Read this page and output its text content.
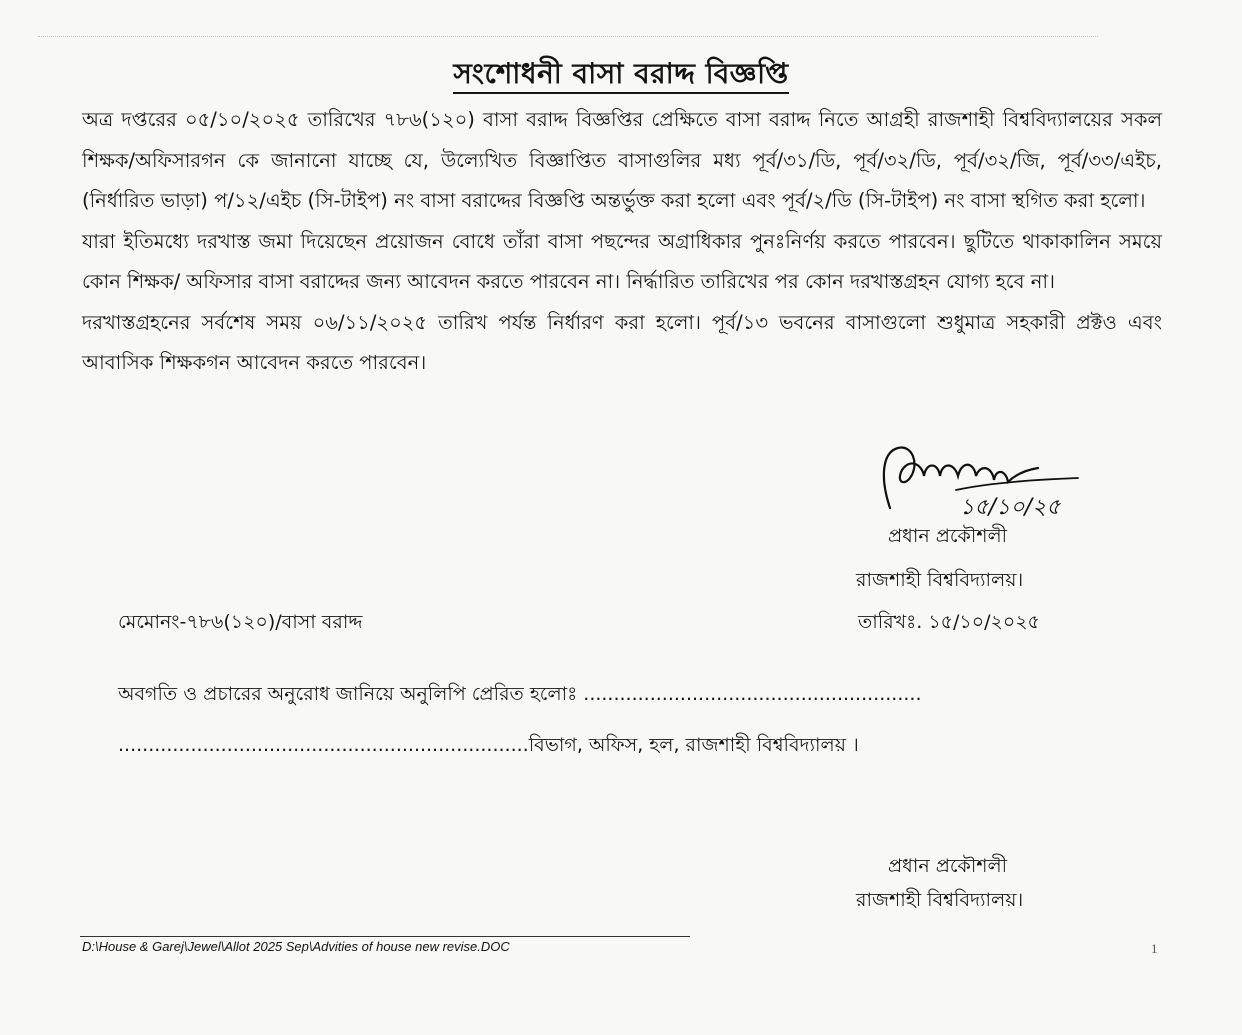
সংশোধনী বাসা বরাদ্দ বিজ্ঞপ্তি

অত্র দপ্তরের ০৫/১০/২০২৫ তারিখের ৭৮৬(১২০) বাসা বরাদ্দ বিজ্ঞপ্তির প্রেক্ষিতে বাসা বরাদ্দ নিতে আগ্রহী রাজশাহী বিশ্ববিদ্যালয়ের সকল শিক্ষক/অফিসারগন কে জানানো যাচ্ছে যে, উল্যেখিত বিজ্ঞাপ্তিত বাসাগুলির মধ্য পূর্ব/৩১/ডি, পূর্ব/৩২/ডি, পূর্ব/৩২/জি, পূর্ব/৩৩/এইচ, (নির্ধারিত ভাড়া) প/১২/এইচ (সি-টাইপ) নং বাসা বরাদ্দের বিজ্ঞপ্তি অন্তর্ভুক্ত করা হলো এবং পূর্ব/২/ডি (সি-টাইপ) নং বাসা স্থগিত করা হলো।

যারা ইতিমধ্যে দরখাস্ত জমা দিয়েছেন প্রয়োজন বোধে তাঁরা বাসা পছন্দের অগ্রাধিকার পুনঃনির্ণয় করতে পারবেন। ছুটিতে থাকাকালিন সময়ে কোন শিক্ষক/ অফিসার বাসা বরাদ্দের জন্য আবেদন করতে পারবেন না। নির্দ্ধারিত তারিখের পর কোন দরখাস্তগ্রহন যোগ্য হবে না।

দরখাস্তগ্রহনের সর্বশেষ সময় ০৬/১১/২০২৫ তারিখ পর্যন্ত নির্ধারণ করা হলো। পূর্ব/১৩ ভবনের বাসাগুলো শুধুমাত্র সহকারী প্রক্টও এবং আবাসিক শিক্ষকগন আবেদন করতে পারবেন।

১৫/১০/২৫
প্রধান প্রকৌশলী
রাজশাহী বিশ্ববিদ্যালয়।
মেমোনং-৭৮৬(১২০)/বাসা বরাদ্দ	তারিখঃ. ১৫/১০/২০২৫
অবগতি ও প্রচারের অনুরোধ জানিয়ে অনুলিপি প্রেরিত হলোঃ ........................................................
....................................................................বিভাগ, অফিস, হল, রাজশাহী বিশ্ববিদ্যালয় ।
প্রধান প্রকৌশলী
রাজশাহী বিশ্ববিদ্যালয়।
D:\House & Garej\Jewel\Allot 2025 Sep\Advities of house new revise.DOC	1
